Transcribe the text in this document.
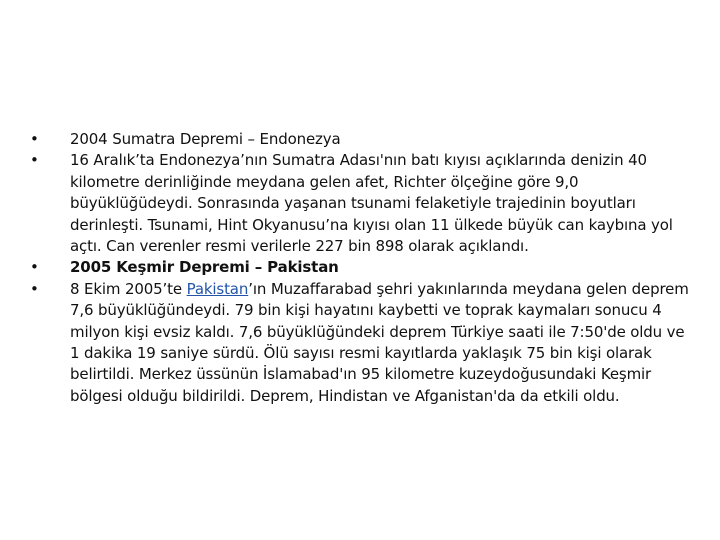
•	2004 Sumatra Depremi – Endonezya
•	16 Aralık’ta Endonezya’nın Sumatra Adası'nın batı kıyısı açıklarında denizin 40 kilometre derinliğinde meydana gelen afet, Richter ölçeğine göre 9,0 büyüklüğüdeydi. Sonrasında yaşanan tsunami felaketiyle trajedinin boyutları derinleşti. Tsunami, Hint Okyanusu’na kıyısı olan 11 ülkede büyük can kaybına yol açtı. Can verenler resmi verilerle 227 bin 898 olarak açıklandı.
•	2005 Keşmir Depremi – Pakistan
•	8 Ekim 2005’te Pakistan’ın Muzaffarabad şehri yakınlarında meydana gelen deprem 7,6 büyüklüğündeydi. 79 bin kişi hayatını kaybetti ve toprak kaymaları sonucu 4 milyon kişi evsiz kaldı. 7,6 büyüklüğündeki deprem Türkiye saati ile 7:50'de oldu ve 1 dakika 19 saniye sürdü. Ölü sayısı resmi kayıtlarda yaklaşık 75 bin kişi olarak belirtildi. Merkez üssünün İslamabad'ın 95 kilometre kuzeydoğusundaki Keşmir bölgesi olduğu bildirildi. Deprem, Hindistan ve Afganistan'da da etkili oldu.
